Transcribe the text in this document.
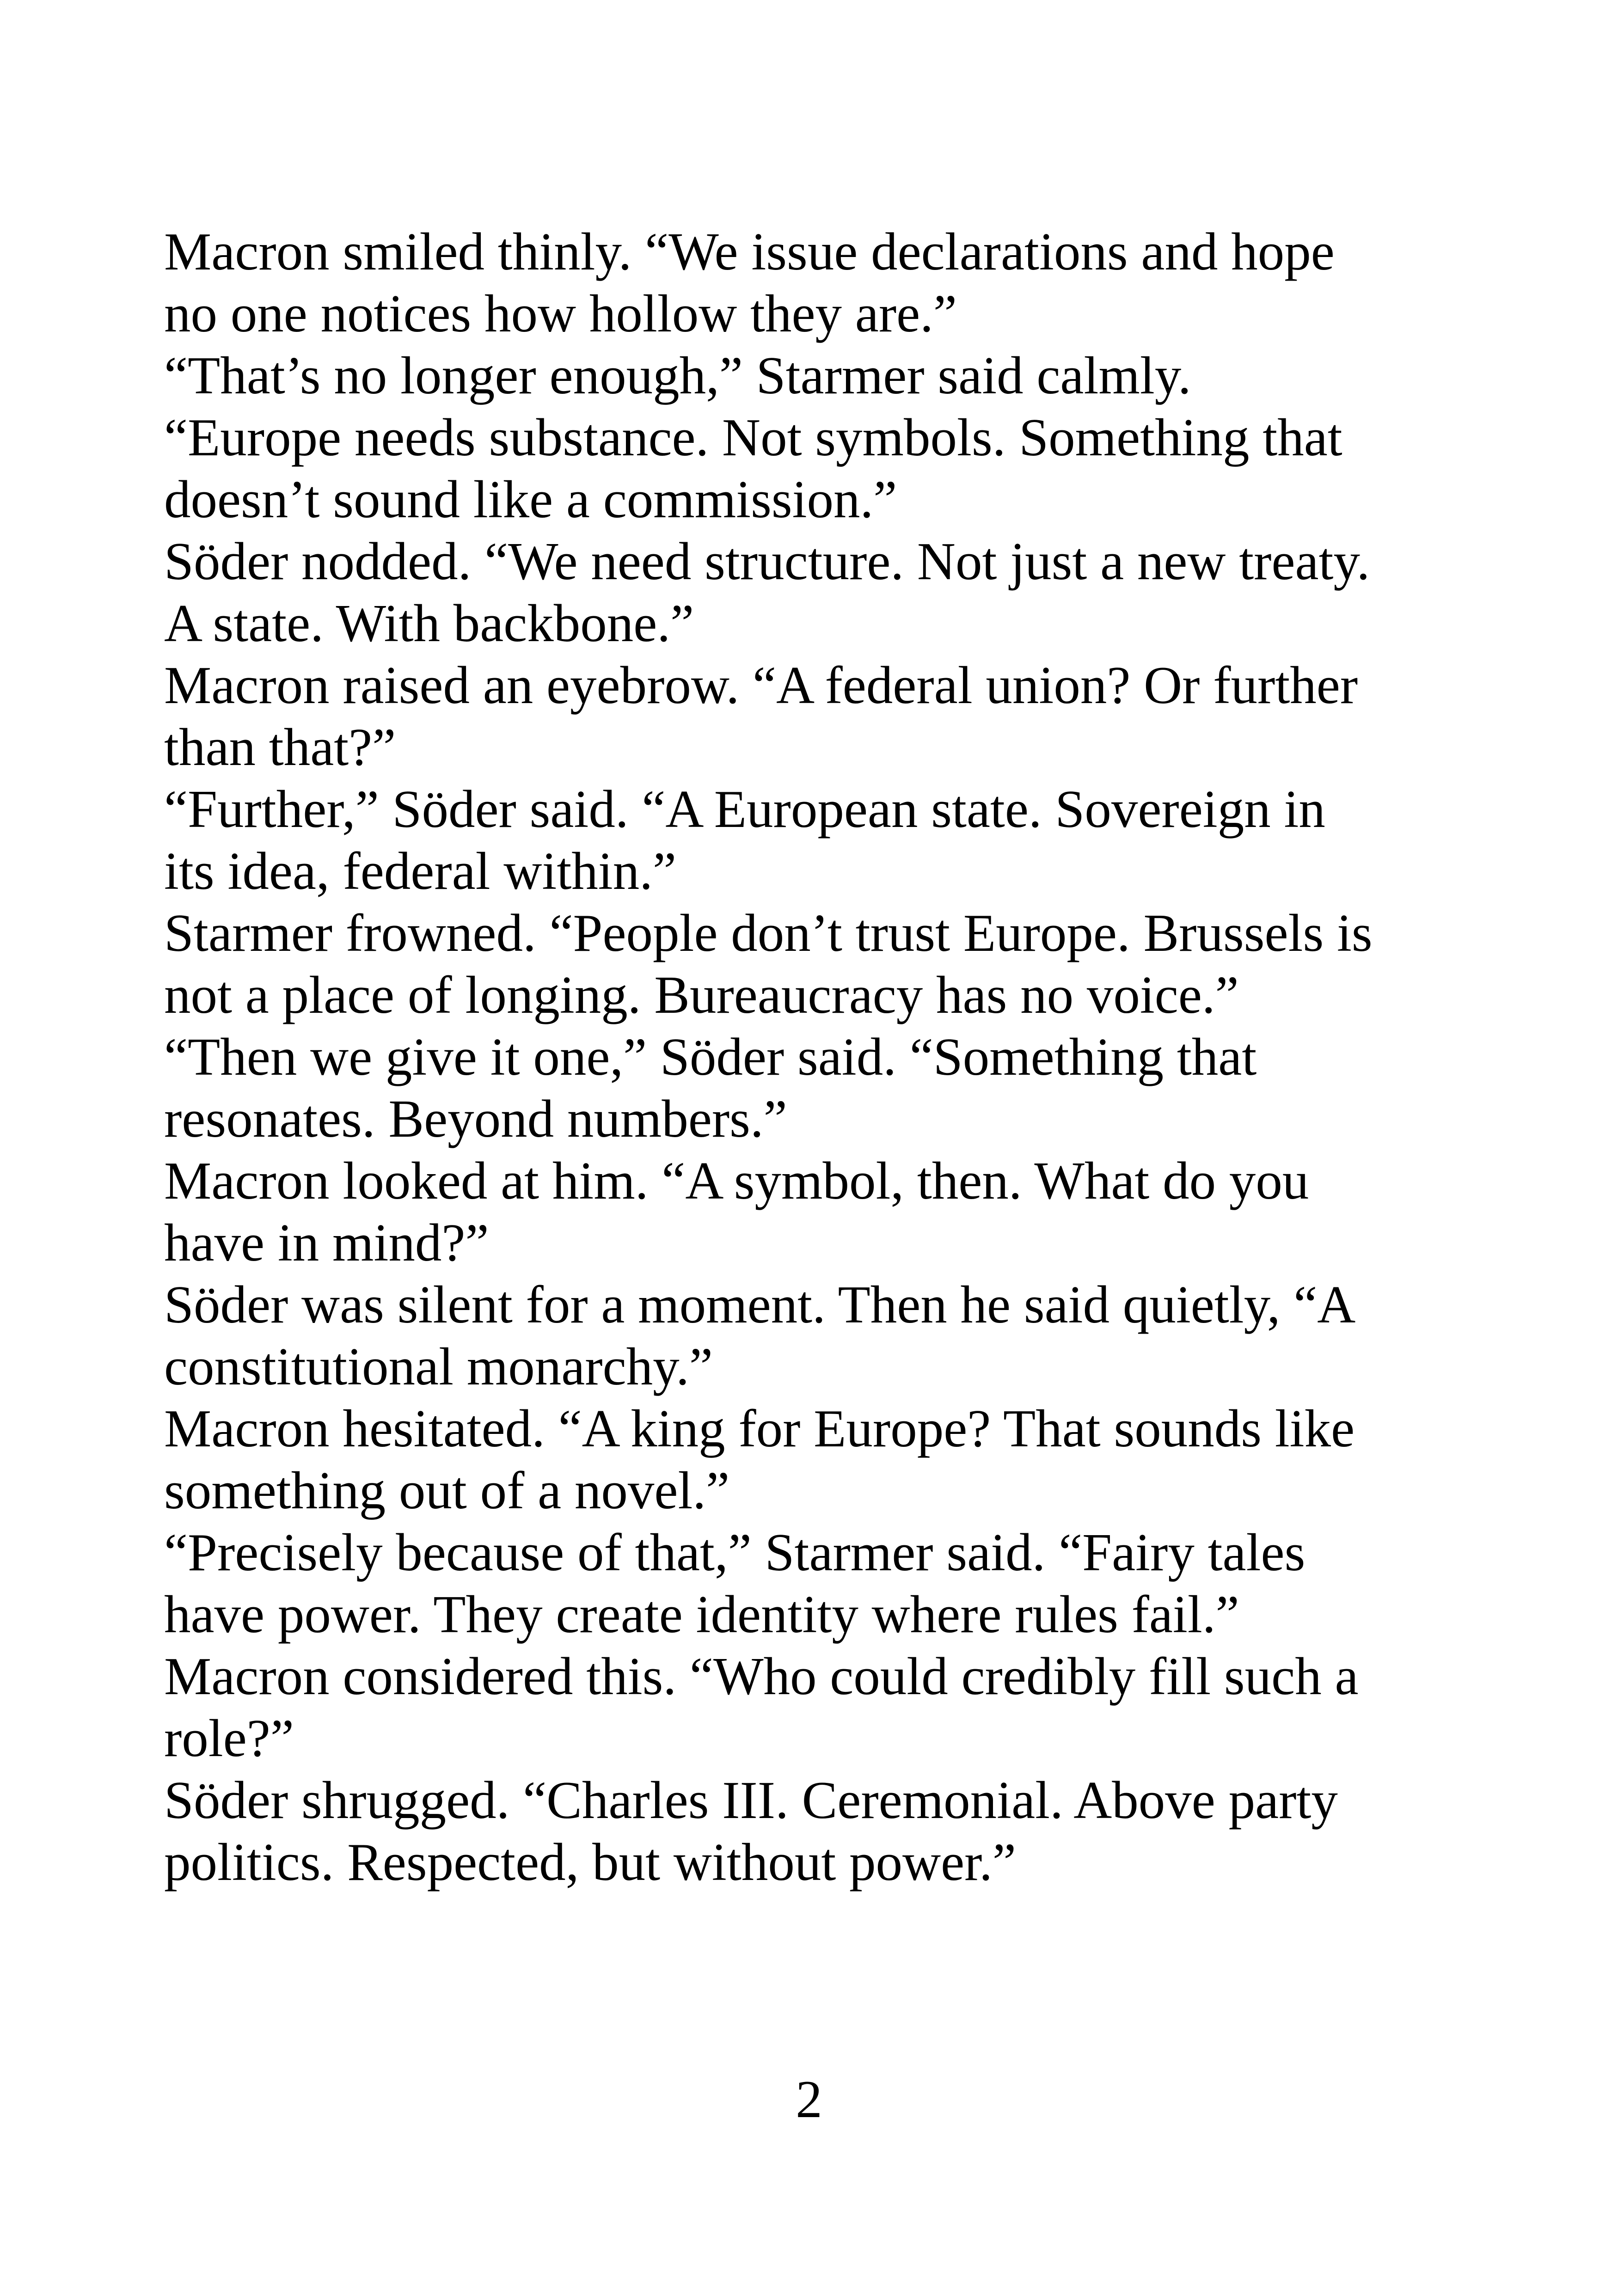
Macron smiled thinly. “We issue declarations and hope
no one notices how hollow they are.”
“That’s no longer enough,” Starmer said calmly.
“Europe needs substance. Not symbols. Something that
doesn’t sound like a commission.”
Söder nodded. “We need structure. Not just a new treaty.
A state. With backbone.”
Macron raised an eyebrow. “A federal union? Or further
than that?”
“Further,” Söder said. “A European state. Sovereign in
its idea, federal within.”
Starmer frowned. “People don’t trust Europe. Brussels is
not a place of longing. Bureaucracy has no voice.”
“Then we give it one,” Söder said. “Something that
resonates. Beyond numbers.”
Macron looked at him. “A symbol, then. What do you
have in mind?”
Söder was silent for a moment. Then he said quietly, “A
constitutional monarchy.”
Macron hesitated. “A king for Europe? That sounds like
something out of a novel.”
“Precisely because of that,” Starmer said. “Fairy tales
have power. They create identity where rules fail.”
Macron considered this. “Who could credibly fill such a
role?”
Söder shrugged. “Charles III. Ceremonial. Above party
politics. Respected, but without power.”
2
